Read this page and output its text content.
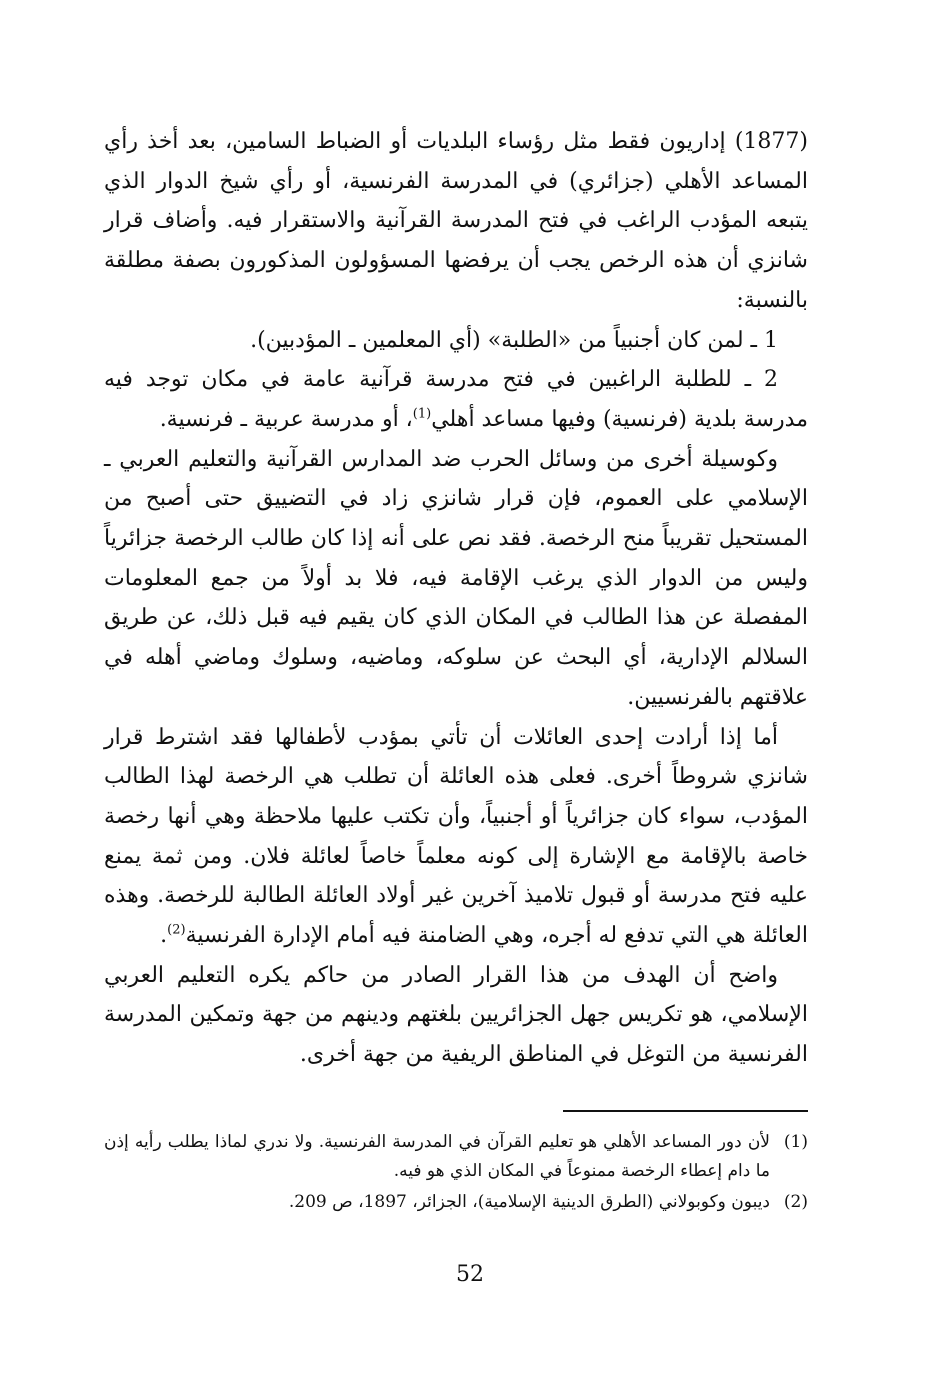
(1877) إداريون فقط مثل رؤساء البلديات أو الضباط السامين، بعد أخذ رأي المساعد الأهلي (جزائري) في المدرسة الفرنسية، أو رأي شيخ الدوار الذي يتبعه المؤدب الراغب في فتح المدرسة القرآنية والاستقرار فيه. وأضاف قرار شانزي أن هذه الرخص يجب أن يرفضها المسؤولون المذكورون بصفة مطلقة بالنسبة:

1 ـ لمن كان أجنبياً من «الطلبة» (أي المعلمين ـ المؤدبين).

2 ـ للطلبة الراغبين في فتح مدرسة قرآنية عامة في مكان توجد فيه مدرسة بلدية (فرنسية) وفيها مساعد أهلي$^{(1)}$، أو مدرسة عربية ـ فرنسية.

وكوسيلة أخرى من وسائل الحرب ضد المدارس القرآنية والتعليم العربي ـ الإسلامي على العموم، فإن قرار شانزي زاد في التضييق حتى أصبح من المستحيل تقريباً منح الرخصة. فقد نص على أنه إذا كان طالب الرخصة جزائرياً وليس من الدوار الذي يرغب الإقامة فيه، فلا بد أولاً من جمع المعلومات المفصلة عن هذا الطالب في المكان الذي كان يقيم فيه قبل ذلك، عن طريق السلالم الإدارية، أي البحث عن سلوكه، وماضيه، وسلوك وماضي أهله في علاقتهم بالفرنسيين.

أما إذا أرادت إحدى العائلات أن تأتي بمؤدب لأطفالها فقد اشترط قرار شانزي شروطاً أخرى. فعلى هذه العائلة أن تطلب هي الرخصة لهذا الطالب المؤدب، سواء كان جزائرياً أو أجنبياً، وأن تكتب عليها ملاحظة وهي أنها رخصة خاصة بالإقامة مع الإشارة إلى كونه معلماً خاصاً لعائلة فلان. ومن ثمة يمنع عليه فتح مدرسة أو قبول تلاميذ آخرين غير أولاد العائلة الطالبة للرخصة. وهذه العائلة هي التي تدفع له أجره، وهي الضامنة فيه أمام الإدارة الفرنسية$^{(2)}$.

واضح أن الهدف من هذا القرار الصادر من حاكم يكره التعليم العربي الإسلامي، هو تكريس جهل الجزائريين بلغتهم ودينهم من جهة وتمكين المدرسة الفرنسية من التوغل في المناطق الريفية من جهة أخرى.

(1)
لأن دور المساعد الأهلي هو تعليم القرآن في المدرسة الفرنسية. ولا ندري لماذا يطلب رأيه إذن ما دام إعطاء الرخصة ممنوعاً في المكان الذي هو فيه.
(2)
ديبون وكوبولاني (الطرق الدينية الإسلامية)، الجزائر، 1897، ص 209.
52
